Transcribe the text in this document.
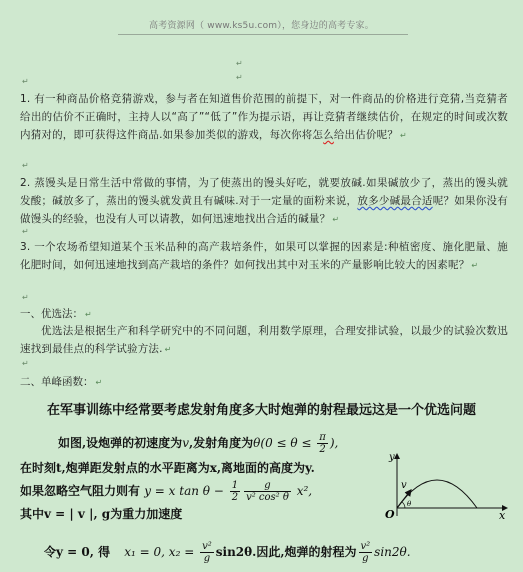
高考资源网（ www.ks5u.com），您身边的高考专家。
↵
↵
↵

1. 有一种商品价格竞猜游戏，参与者在知道售价范围的前提下，对一件商品的价格进行竞猜,当竞猜者给出的估价不正确时，主持人以“高了”“低了”作为提示语，再让竞猜者继续估价，在规定的时间或次数内猜对的，即可获得这件商品.如果参加类似的游戏，每次你将怎么给出估价呢？ ↵

↵

2. 蒸馒头是日常生活中常做的事情，为了使蒸出的馒头好吃，就要放碱.如果碱放少了，蒸出的馒头就发酸；碱放多了，蒸出的馒头就发黄且有碱味.对于一定量的面粉来说，放多少碱最合适呢？如果你没有做馒头的经验，也没有人可以请教，如何迅速地找出合适的碱量？ ↵

↵

3. 一个农场希望知道某个玉米品种的高产栽培条件，如果可以掌握的因素是:种植密度、施化肥量、施化肥时间，如何迅速地找到高产栽培的条件？如何找出其中对玉米的产量影响比较大的因素呢？ ↵

↵
一、优选法： ↵

优选法是根据生产和科学研究中的不同问题，利用数学原理，合理安排试验，以最少的试验次数迅速找到最佳点的科学试验方法. ↵

↵
二、单峰函数： ↵
在军事训练中经常要考虑发射角度多大时炮弹的射程最远这是一个优选问题
如图,设炮弹的初速度为v,发射角度为$\theta(0 \le \theta \le \frac{\pi}{2}$ ),
在时刻t,炮弹距发射点的水平距离为x,离地面的高度为y.
如果忽略空气阻力则有 y = x $\tan \theta - \frac{1}{2} \frac{g}{\text{v² cos² θ}} x^2$,
其中v = | v |, g为重力加速度
令y = 0, 得 x₁ = 0, $x_2 = \frac{\text{v²}}{g} \sin 2\theta$.因此,炮弹的射程为 $\frac{\text{v²}}{g} \sin 2\theta$.
y
v
θ
O	x
